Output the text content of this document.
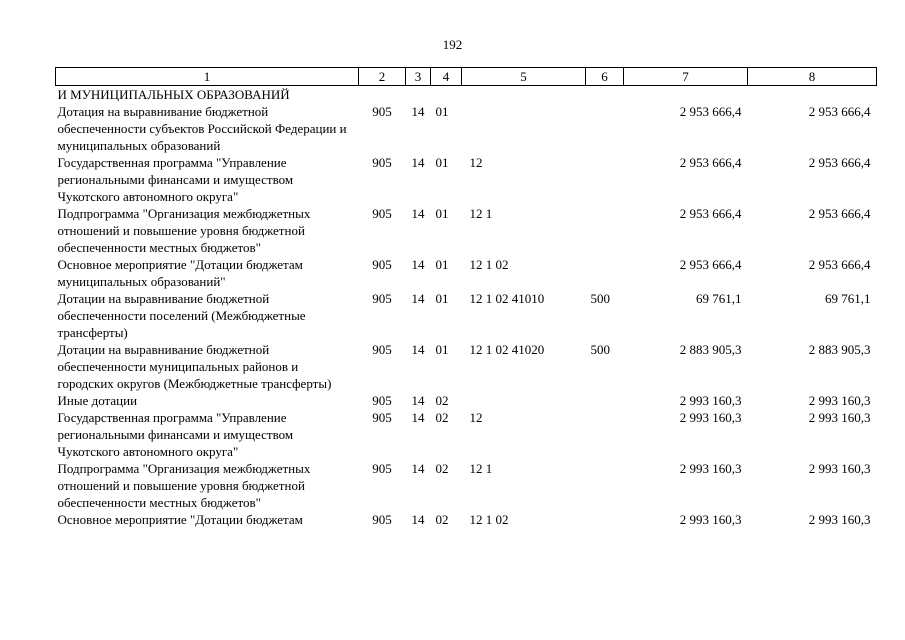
192
1	2	3	4	5	6	7	8
И МУНИЦИПАЛЬНЫХ ОБРАЗОВАНИЙ							
Дотация на выравнивание бюджетной обеспеченности субъектов Российской Федерации и муниципальных образований	905	14	01			2 953 666,4	2 953 666,4
Государственная программа "Управление региональными финансами и имуществом Чукотского автономного округа"	905	14	01	12		2 953 666,4	2 953 666,4
Подпрограмма "Организация межбюджетных отношений и повышение уровня бюджетной обеспеченности местных бюджетов"	905	14	01	12 1		2 953 666,4	2 953 666,4
Основное мероприятие "Дотации бюджетам муниципальных образований"	905	14	01	12 1 02		2 953 666,4	2 953 666,4
Дотации на выравнивание бюджетной обеспеченности поселений (Межбюджетные трансферты)	905	14	01	12 1 02 41010	500	69 761,1	69 761,1
Дотации на выравнивание бюджетной обеспеченности муниципальных районов и городских округов (Межбюджетные трансферты)	905	14	01	12 1 02 41020	500	2 883 905,3	2 883 905,3
Иные дотации	905	14	02			2 993 160,3	2 993 160,3
Государственная программа "Управление региональными финансами и имуществом Чукотского автономного округа"	905	14	02	12		2 993 160,3	2 993 160,3
Подпрограмма "Организация межбюджетных отношений и повышение уровня бюджетной обеспеченности местных бюджетов"	905	14	02	12 1		2 993 160,3	2 993 160,3
Основное мероприятие "Дотации бюджетам	905	14	02	12 1 02		2 993 160,3	2 993 160,3
